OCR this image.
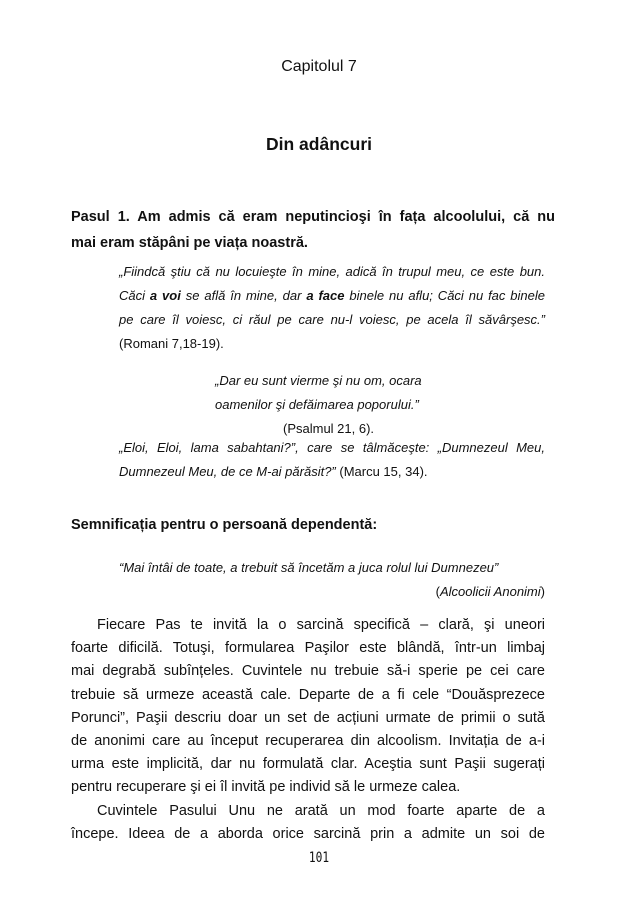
Capitolul 7
Din adâncuri
Pasul 1. Am admis că eram neputincioşi în fața alcoolului, că nu
mai eram stăpâni pe viața noastră.
„Fiindcă ştiu că nu locuieşte în mine, adică în trupul meu, ce este bun.
Căci a voi se află în mine, dar a face binele nu aflu; Căci nu fac binele
pe care îl voiesc, ci răul pe care nu-l voiesc, pe acela îl săvârşesc.”
(Romani 7,18-19).
„Dar eu sunt vierme şi nu om, ocara
oamenilor şi defăimarea poporului.”
(Psalmul 21, 6).
„Eloi, Eloi, lama sabahtani?”, care se tâlmăceşte: „Dumnezeul Meu,
Dumnezeul Meu, de ce M-ai părăsit?” (Marcu 15, 34).
Semnificația pentru o persoană dependentă:
“Mai întâi de toate, a trebuit să încetăm a juca rolul lui Dumnezeu”
(Alcoolicii Anonimi)
Fiecare Pas te invită la o sarcină specifică – clară, şi uneori
foarte dificilă. Totuşi, formularea Paşilor este blândă, într-un limbaj
mai degrabă subînțeles. Cuvintele nu trebuie să-i sperie pe cei care
trebuie să urmeze această cale. Departe de a fi cele “Douăsprezece
Porunci”, Paşii descriu doar un set de acțiuni urmate de primii o sută
de anonimi care au început recuperarea din alcoolism. Invitația de a-i
urma este implicită, dar nu formulată clar. Aceştia sunt Paşii sugerați
pentru recuperare şi ei îl invită pe individ să le urmeze calea.
Cuvintele Pasului Unu ne arată un mod foarte aparte de a
începe. Ideea de a aborda orice sarcină prin a admite un soi de
101
